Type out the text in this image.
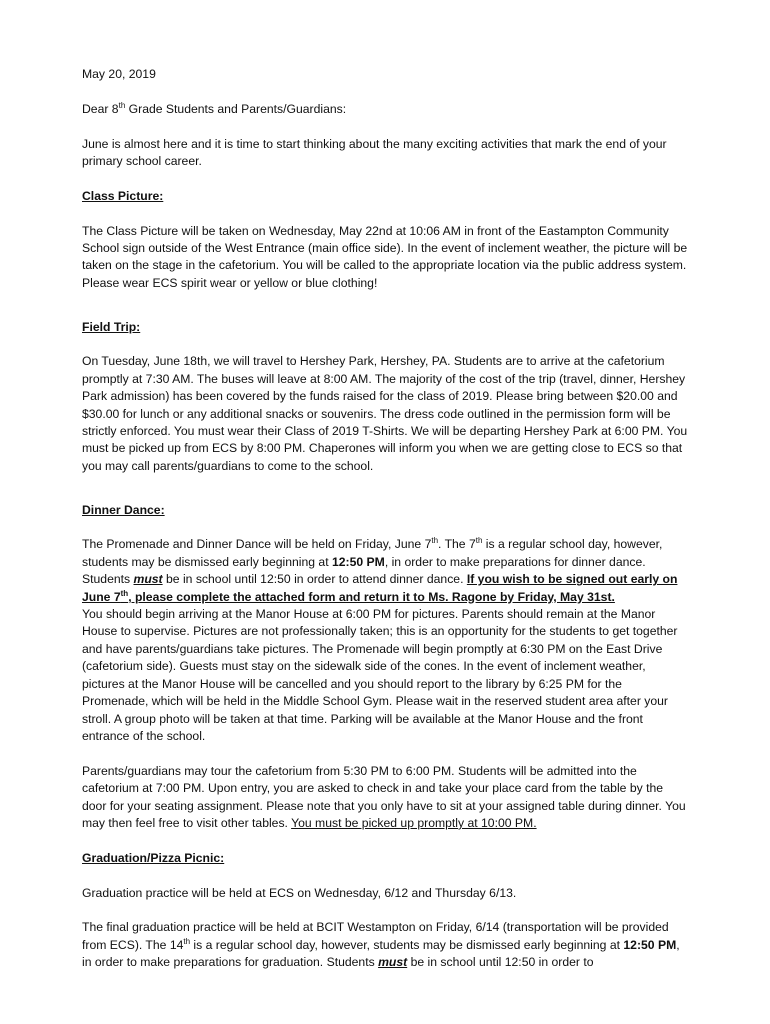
May 20, 2019

Dear 8th Grade Students and Parents/Guardians:

June is almost here and it is time to start thinking about the many exciting activities that mark the end of your primary school career.

Class Picture:

The Class Picture will be taken on Wednesday, May 22nd at 10:06 AM in front of the Eastampton Community School sign outside of the West Entrance (main office side). In the event of inclement weather, the picture will be taken on the stage in the cafetorium. You will be called to the appropriate location via the public address system. Please wear ECS spirit wear or yellow or blue clothing!

Field Trip:

On Tuesday, June 18th, we will travel to Hershey Park, Hershey, PA. Students are to arrive at the cafetorium promptly at 7:30 AM. The buses will leave at 8:00 AM. The majority of the cost of the trip (travel, dinner, Hershey Park admission) has been covered by the funds raised for the class of 2019. Please bring between $20.00 and $30.00 for lunch or any additional snacks or souvenirs. The dress code outlined in the permission form will be strictly enforced. You must wear their Class of 2019 T-Shirts. We will be departing Hershey Park at 6:00 PM. You must be picked up from ECS by 8:00 PM. Chaperones will inform you when we are getting close to ECS so that you may call parents/guardians to come to the school.

Dinner Dance:

The Promenade and Dinner Dance will be held on Friday, June 7th. The 7th is a regular school day, however, students may be dismissed early beginning at 12:50 PM, in order to make preparations for dinner dance. Students must be in school until 12:50 in order to attend dinner dance. If you wish to be signed out early on June 7th, please complete the attached form and return it to Ms. Ragone by Friday, May 31st.
You should begin arriving at the Manor House at 6:00 PM for pictures. Parents should remain at the Manor House to supervise. Pictures are not professionally taken; this is an opportunity for the students to get together and have parents/guardians take pictures. The Promenade will begin promptly at 6:30 PM on the East Drive (cafetorium side). Guests must stay on the sidewalk side of the cones. In the event of inclement weather, pictures at the Manor House will be cancelled and you should report to the library by 6:25 PM for the Promenade, which will be held in the Middle School Gym. Please wait in the reserved student area after your stroll. A group photo will be taken at that time. Parking will be available at the Manor House and the front entrance of the school.

Parents/guardians may tour the cafetorium from 5:30 PM to 6:00 PM. Students will be admitted into the cafetorium at 7:00 PM. Upon entry, you are asked to check in and take your place card from the table by the door for your seating assignment. Please note that you only have to sit at your assigned table during dinner. You may then feel free to visit other tables. You must be picked up promptly at 10:00 PM.

Graduation/Pizza Picnic:

Graduation practice will be held at ECS on Wednesday, 6/12 and Thursday 6/13.

The final graduation practice will be held at BCIT Westampton on Friday, 6/14 (transportation will be provided from ECS). The 14th is a regular school day, however, students may be dismissed early beginning at 12:50 PM, in order to make preparations for graduation. Students must be in school until 12:50 in order to
